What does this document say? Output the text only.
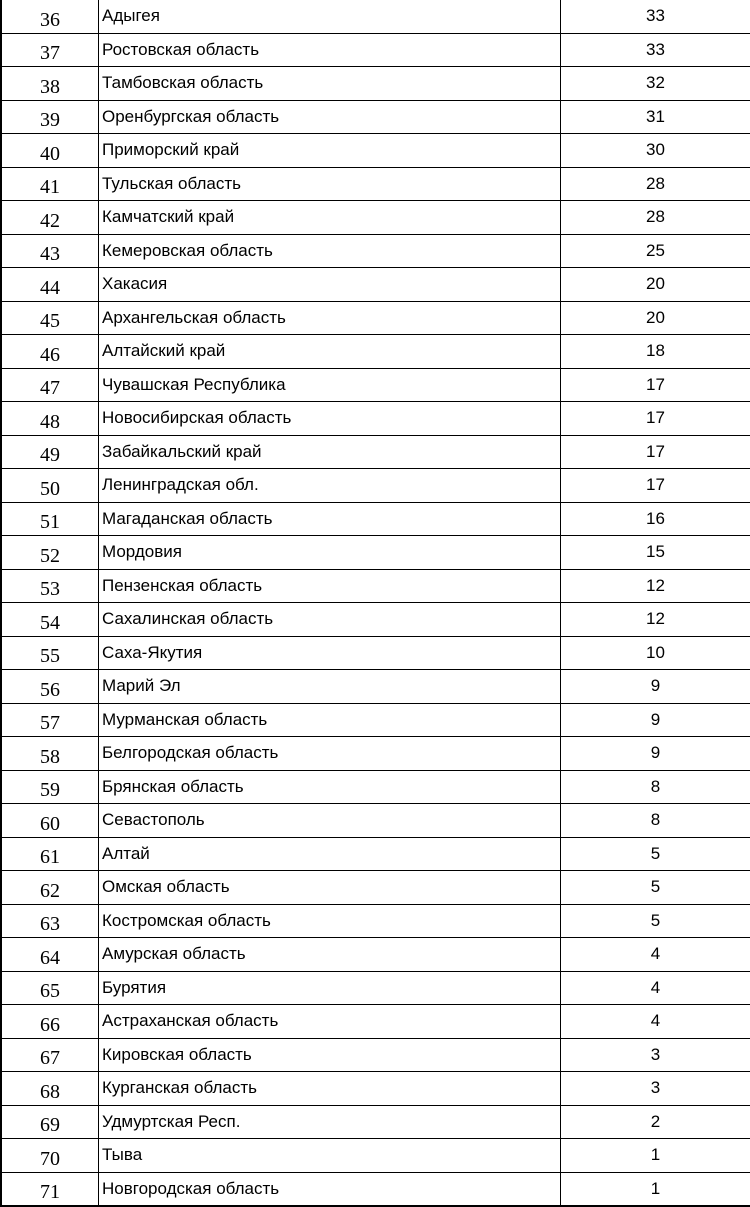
36	Адыгея	33
37	Ростовская область	33
38	Тамбовская область	32
39	Оренбургская область	31
40	Приморский край	30
41	Тульская область	28
42	Камчатский край	28
43	Кемеровская область	25
44	Хакасия	20
45	Архангельская область	20
46	Алтайский край	18
47	Чувашская Республика	17
48	Новосибирская область	17
49	Забайкальский край	17
50	Ленинградская обл.	17
51	Магаданская область	16
52	Мордовия	15
53	Пензенская область	12
54	Сахалинская область	12
55	Саха-Якутия	10
56	Марий Эл	9
57	Мурманская область	9
58	Белгородская область	9
59	Брянская область	8
60	Севастополь	8
61	Алтай	5
62	Омская область	5
63	Костромская область	5
64	Амурская область	4
65	Бурятия	4
66	Астраханская область	4
67	Кировская область	3
68	Курганская область	3
69	Удмуртская Респ.	2
70	Тыва	1
71	Новгородская область	1
